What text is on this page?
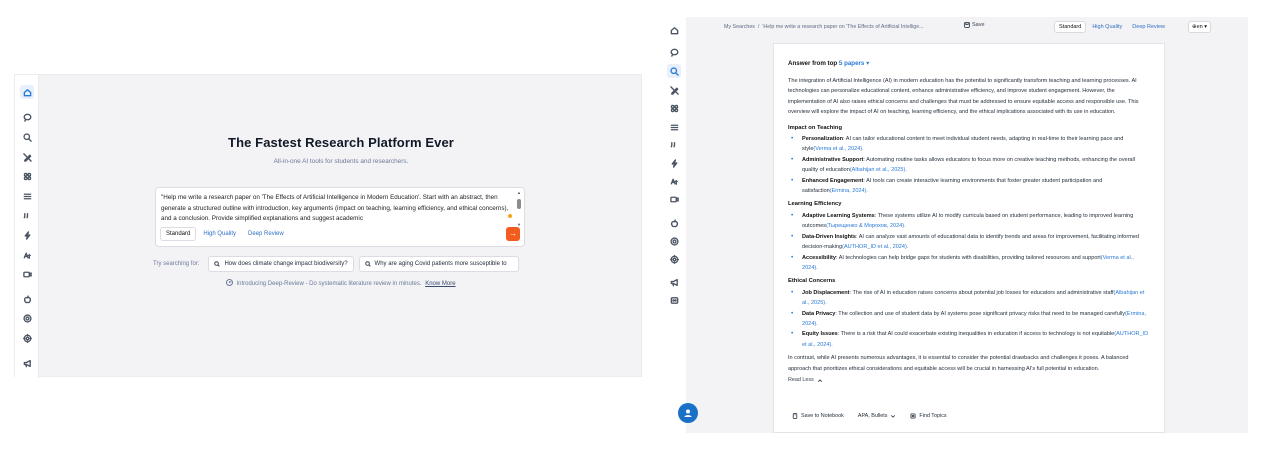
The Fastest Research Platform Ever
All-in-one AI tools for students and researchers.
"Help me write a research paper on 'The Effects of Artificial Intelligence in Modern Education'. Start with an abstract, then generate a structured outline with introduction, key arguments (impact on teaching, learning efficiency, and ethical concerns), and a conclusion. Provide simplified explanations and suggest academic
▲
▼
Standard	High Quality	Deep Review	→
Try searching for:	How does climate change impact biodiversity?	Why are aging Covid patients more susceptible to
Introducing Deep-Review - Do systematic literature review in minutes. Know More
My Searches / 'Help me write a research paper on 'The Effects of Artificial Intellige...	Save	Standard	High Quality	Deep Review	⊕en ▾
Answer from top 5 papers ▾

The integration of Artificial Intelligence (AI) in modern education has the potential to significantly transform teaching and learning processes. AI technologies can personalize educational content, enhance administrative efficiency, and improve student engagement. However, the implementation of AI also raises ethical concerns and challenges that must be addressed to ensure equitable access and responsible use. This overview will explore the impact of AI on teaching, learning efficiency, and the ethical implications associated with its use in education.

Impact on Teaching
• Personalization: AI can tailor educational content to meet individual student needs, adapting in real-time to their learning pace and style(Verma et al., 2024).
• Administrative Support: Automating routine tasks allows educators to focus more on creative teaching methods, enhancing the overall quality of education(Albahijan et al., 2025).
• Enhanced Engagement: AI tools can create interactive learning environments that foster greater student participation and satisfaction(Ermina, 2024).
Learning Efficiency
• Adaptive Learning Systems: These systems utilize AI to modify curricula based on student performance, leading to improved learning outcomes(Тырещенко & Морохов, 2024).
• Data-Driven Insights: AI can analyze vast amounts of educational data to identify trends and areas for improvement, facilitating informed decision-making(AUTHOR_ID et al., 2024).
• Accessibility: AI technologies can help bridge gaps for students with disabilities, providing tailored resources and support(Verma et al., 2024).
Ethical Concerns
• Job Displacement: The rise of AI in education raises concerns about potential job losses for educators and administrative staff(Albahijan et al., 2025).
• Data Privacy: The collection and use of student data by AI systems pose significant privacy risks that need to be managed carefully(Ermina, 2024).
• Equity Issues: There is a risk that AI could exacerbate existing inequalities in education if access to technology is not equitable(AUTHOR_ID et al., 2024).

In contrast, while AI presents numerous advantages, it is essential to consider the potential drawbacks and challenges it poses. A balanced approach that prioritizes ethical considerations and equitable access will be crucial in harnessing AI's full potential in education.

Read Less
Save to Notebook	APA, Bullets	Find Topics
